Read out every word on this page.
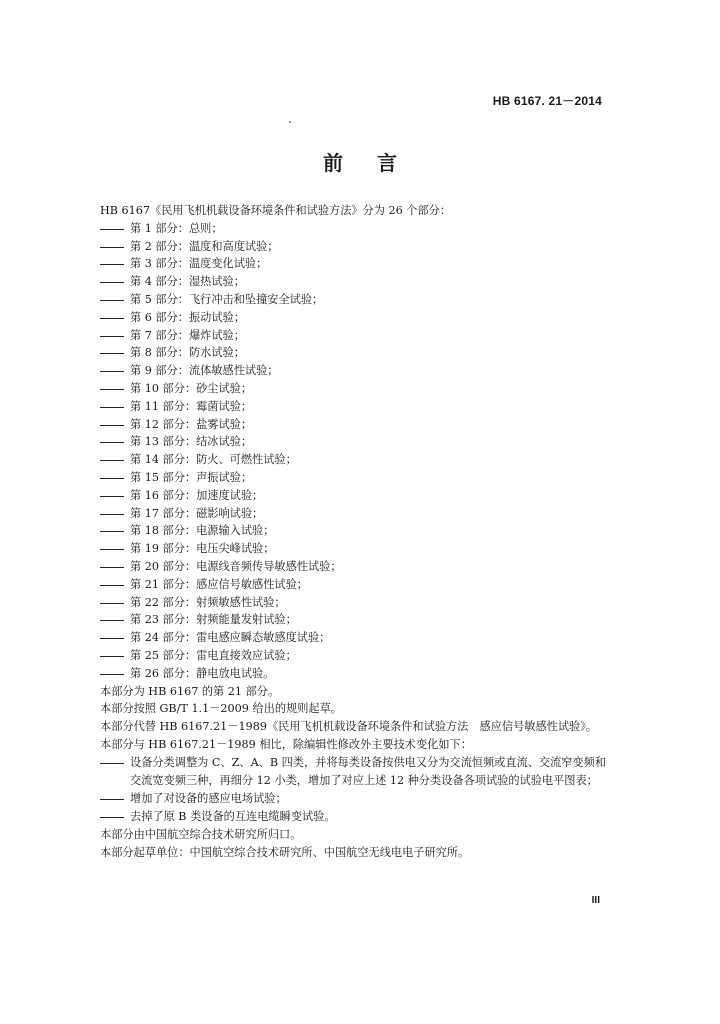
HB 6167. 21－2014
前 言
HB 6167《民用飞机机载设备环境条件和试验方法》分为 26 个部分：
第 1 部分：总则；
第 2 部分：温度和高度试验；
第 3 部分：温度变化试验；
第 4 部分：湿热试验；
第 5 部分：飞行冲击和坠撞安全试验；
第 6 部分：振动试验；
第 7 部分：爆炸试验；
第 8 部分：防水试验；
第 9 部分：流体敏感性试验；
第 10 部分：砂尘试验；
第 11 部分：霉菌试验；
第 12 部分：盐雾试验；
第 13 部分：结冰试验；
第 14 部分：防火、可燃性试验；
第 15 部分：声振试验；
第 16 部分：加速度试验；
第 17 部分：磁影响试验；
第 18 部分：电源输入试验；
第 19 部分：电压尖峰试验；
第 20 部分：电源线音频传导敏感性试验；
第 21 部分：感应信号敏感性试验；
第 22 部分：射频敏感性试验；
第 23 部分：射频能量发射试验；
第 24 部分：雷电感应瞬态敏感度试验；
第 25 部分：雷电直接效应试验；
第 26 部分：静电放电试验。
本部分为 HB 6167 的第 21 部分。
本部分按照 GB/T 1.1－2009 给出的规则起草。
本部分代替 HB 6167.21－1989《民用飞机机载设备环境条件和试验方法　感应信号敏感性试验》。
本部分与 HB 6167.21－1989 相比，除编辑性修改外主要技术变化如下：
设备分类调整为 C、Z、A、B 四类，并将每类设备按供电又分为交流恒频或直流、交流窄变频和交流宽变频三种，再细分 12 小类，增加了对应上述 12 种分类设备各项试验的试验电平图表；
增加了对设备的感应电场试验；
去掉了原 B 类设备的互连电缆瞬变试验。
本部分由中国航空综合技术研究所归口。
本部分起草单位：中国航空综合技术研究所、中国航空无线电电子研究所。
III
